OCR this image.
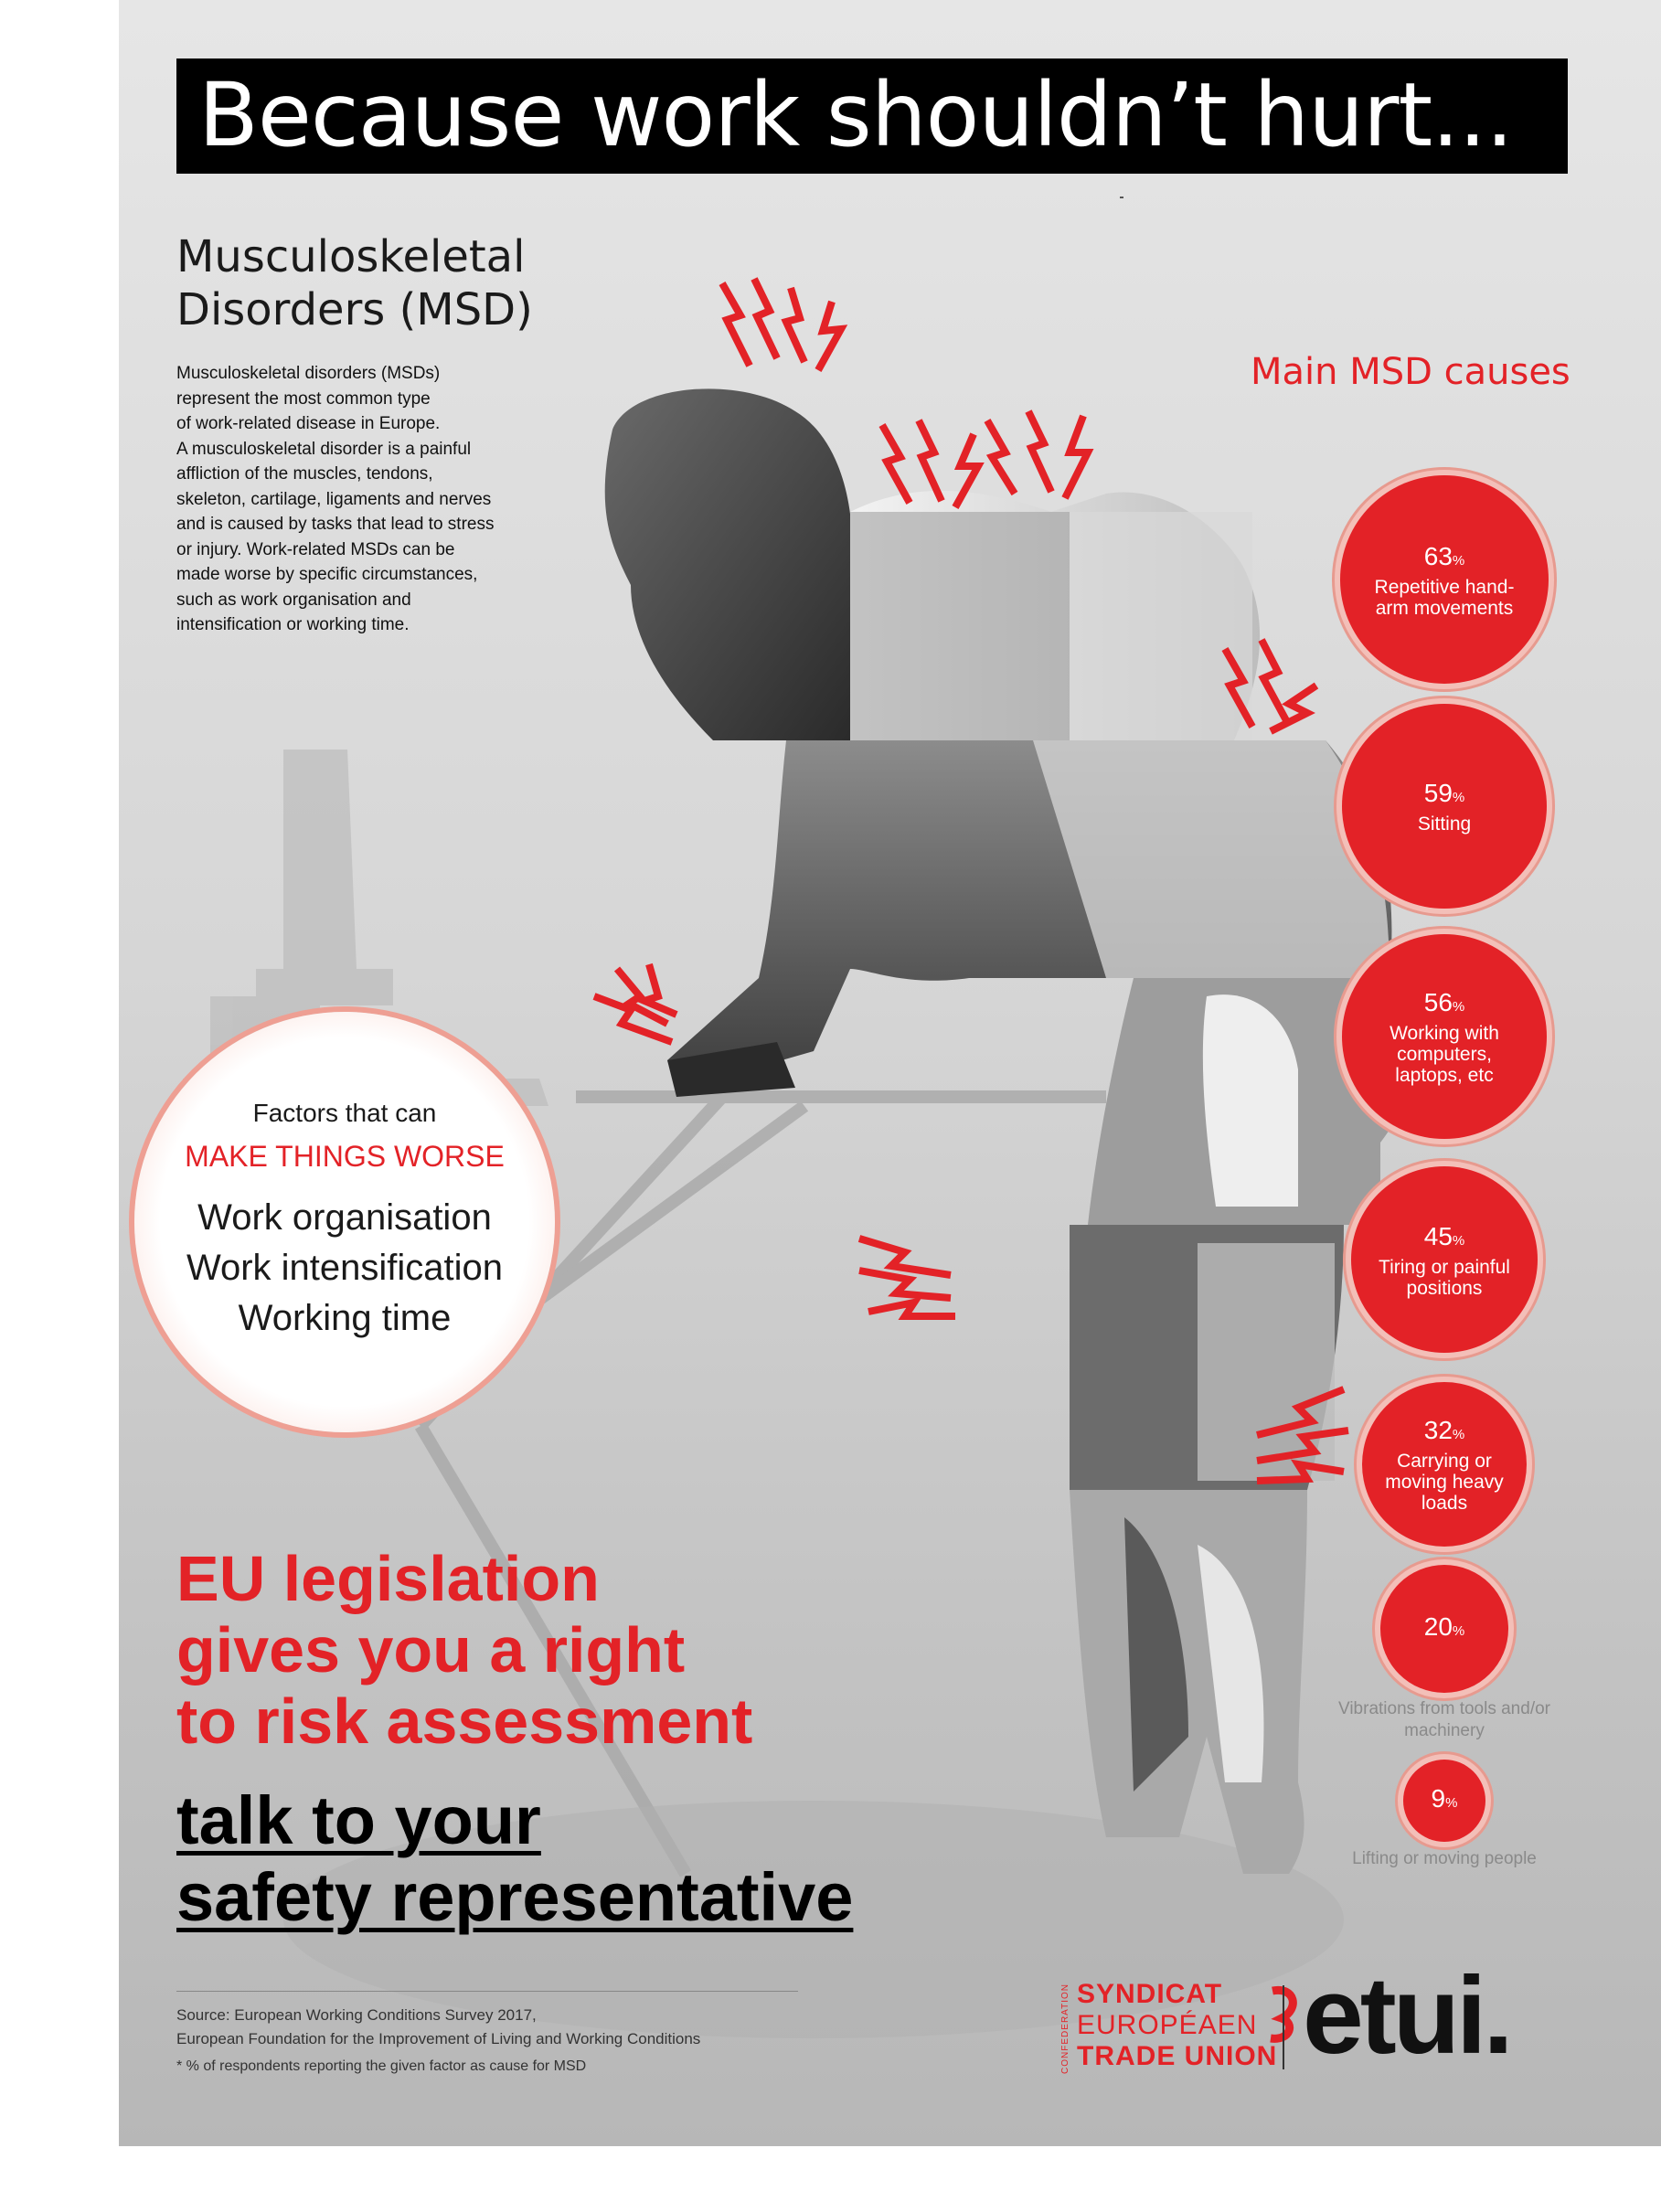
Because work shouldn’t hurt...
Musculoskeletal
Disorders (MSD)
Musculoskeletal disorders (MSDs)
represent the most common type
of work-related disease in Europe.
A musculoskeletal disorder is a painful
affliction of the muscles, tendons,
skeleton, cartilage, ligaments and nerves
and is caused by tasks that lead to stress
or injury. Work-related MSDs can be
made worse by specific circumstances,
such as work organisation and
intensification or working time.
Main MSD causes
63%
Repetitive hand-arm movements
59%
Sitting
56%
Working with computers, laptops, etc
45%
Tiring or painful positions
32%
Carrying or moving heavy loads
20%
Vibrations from tools and/or machinery
9%
Lifting or moving people
Factors that can
MAKE THINGS WORSE
Work organisation
Work intensification
Working time
EU legislation
gives you a right
to risk assessment
talk to your
safety representative
Source: European Working Conditions Survey 2017,
European Foundation for the Improvement of Living and Working Conditions
* % of respondents reporting the given factor as cause for MSD	CONFEDERATION SYNDICAT
EUROPÉAEN
TRADE UNION etui.
